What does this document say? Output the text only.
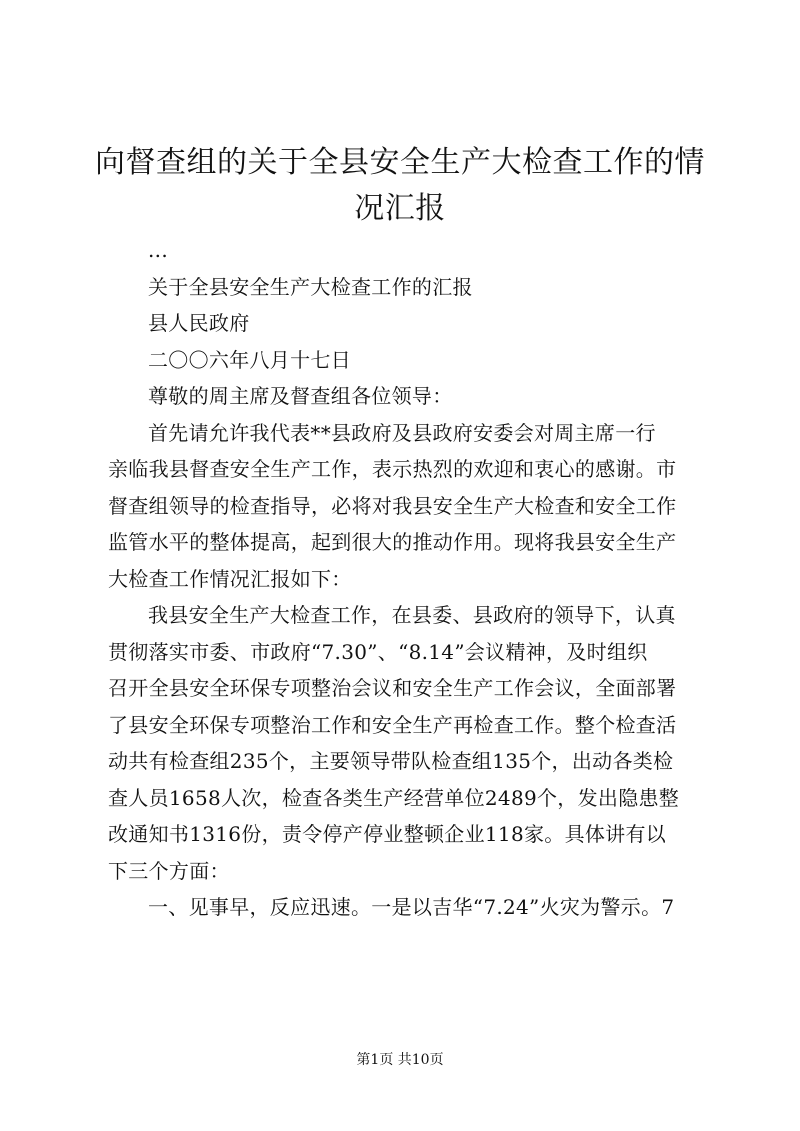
向督查组的关于全县安全生产大检查工作的情
况汇报
...
关于全县安全生产大检查工作的汇报
县人民政府
二〇〇六年八月十七日
尊敬的周主席及督查组各位领导：
首先请允许我代表**县政府及县政府安委会对周主席一行
亲临我县督查安全生产工作，表示热烈的欢迎和衷心的感谢。市
督查组领导的检查指导，必将对我县安全生产大检查和安全工作
监管水平的整体提高，起到很大的推动作用。现将我县安全生产
大检查工作情况汇报如下：
我县安全生产大检查工作，在县委、县政府的领导下，认真
贯彻落实市委、市政府“7.30”、“8.14”会议精神，及时组织
召开全县安全环保专项整治会议和安全生产工作会议，全面部署
了县安全环保专项整治工作和安全生产再检查工作。整个检查活
动共有检查组235个，主要领导带队检查组135个，出动各类检
查人员1658人次，检查各类生产经营单位2489个，发出隐患整
改通知书1316份，责令停产停业整顿企业118家。具体讲有以
下三个方面：
一、见事早，反应迅速。一是以吉华“7.24”火灾为警示。7
第1页 共10页
